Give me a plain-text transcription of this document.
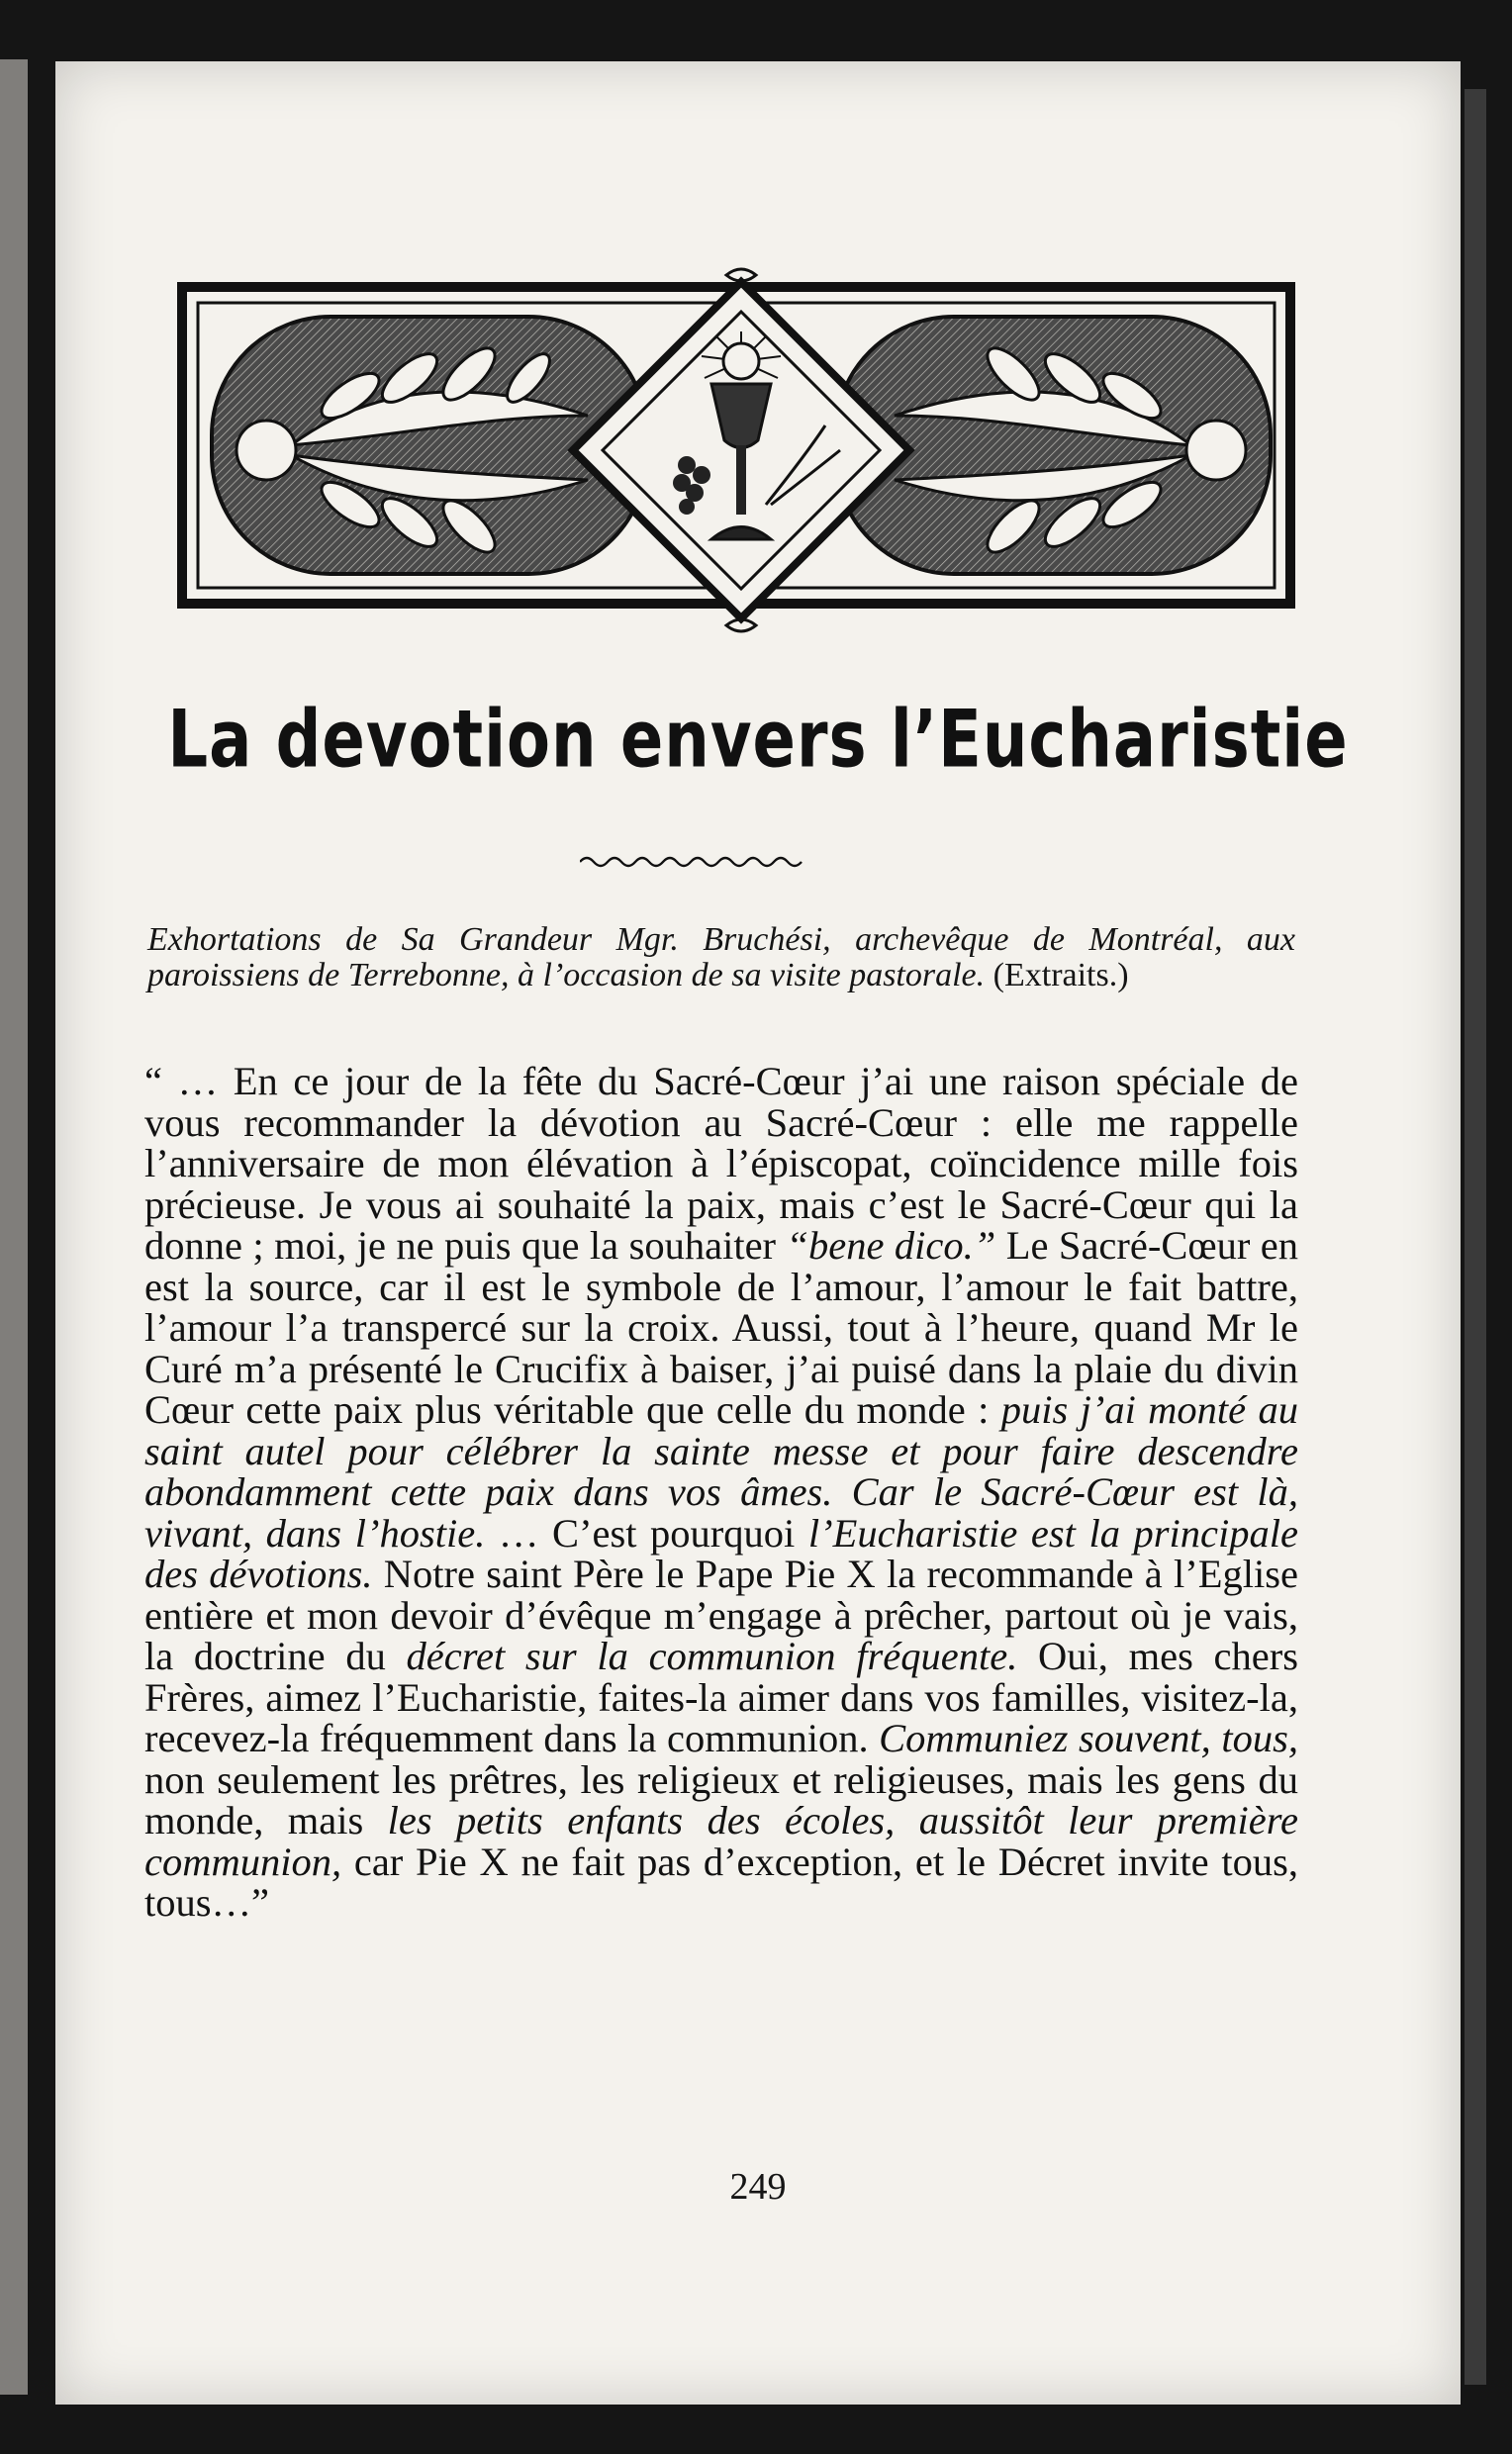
La devotion envers l’Eucharistie
Exhortations de Sa Grandeur Mgr. Bruchési, archevêque de Montréal, aux paroissiens de Terrebonne, à l’occasion de sa visite pastorale. (Extraits.)
“ … En ce jour de la fête du Sacré-Cœur j’ai une raison spéciale de vous recommander la dévotion au Sacré-Cœur : elle me rappelle l’anniversaire de mon élévation à l’épiscopat, coïncidence mille fois précieuse. Je vous ai souhaité la paix, mais c’est le Sacré-Cœur qui la donne ; moi, je ne puis que la souhaiter “bene dico.” Le Sacré-Cœur en est la source, car il est le symbole de l’amour, l’amour le fait battre, l’amour l’a transpercé sur la croix. Aussi, tout à l’heure, quand Mr le Curé m’a présenté le Crucifix à baiser, j’ai puisé dans la plaie du divin Cœur cette paix plus véritable que celle du monde : puis j’ai monté au saint autel pour célébrer la sainte messe et pour faire descendre abondamment cette paix dans vos âmes. Car le Sacré-Cœur est là, vivant, dans l’hostie. … C’est pourquoi l’Eucharistie est la principale des dévotions. Notre saint Père le Pape Pie X la recommande à l’Eglise entière et mon devoir d’évêque m’engage à prêcher, partout où je vais, la doctrine du décret sur la communion fréquente. Oui, mes chers Frères, aimez l’Eucharistie, faites-la aimer dans vos familles, visitez-la, recevez-la fréquemment dans la communion. Communiez souvent, tous, non seulement les prêtres, les religieux et religieuses, mais les gens du monde, mais les petits enfants des écoles, aussitôt leur première communion, car Pie X ne fait pas d’exception, et le Décret invite tous, tous…”
249
